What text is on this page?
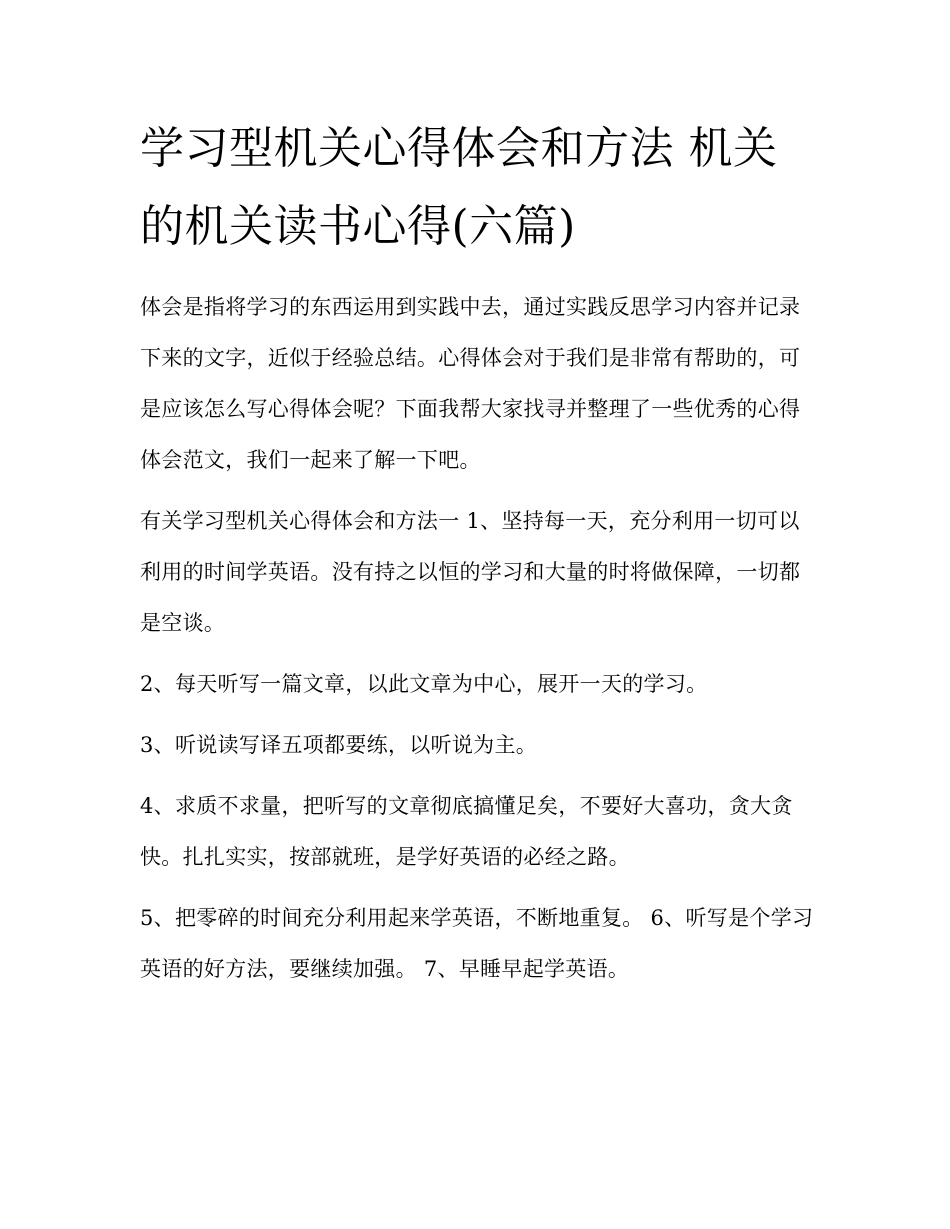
学习型机关心得体会和方法 机关的机关读书心得(六篇)

体会是指将学习的东西运用到实践中去，通过实践反思学习内容并记录下来的文字，近似于经验总结。心得体会对于我们是非常有帮助的，可是应该怎么写心得体会呢？下面我帮大家找寻并整理了一些优秀的心得体会范文，我们一起来了解一下吧。

有关学习型机关心得体会和方法一 1、坚持每一天，充分利用一切可以利用的时间学英语。没有持之以恒的学习和大量的时将做保障，一切都是空谈。

2、每天听写一篇文章，以此文章为中心，展开一天的学习。

3、听说读写译五项都要练，以听说为主。

4、求质不求量，把听写的文章彻底搞懂足矣，不要好大喜功，贪大贪快。扎扎实实，按部就班，是学好英语的必经之路。

5、把零碎的时间充分利用起来学英语，不断地重复。 6、听写是个学习英语的好方法，要继续加强。 7、早睡早起学英语。
